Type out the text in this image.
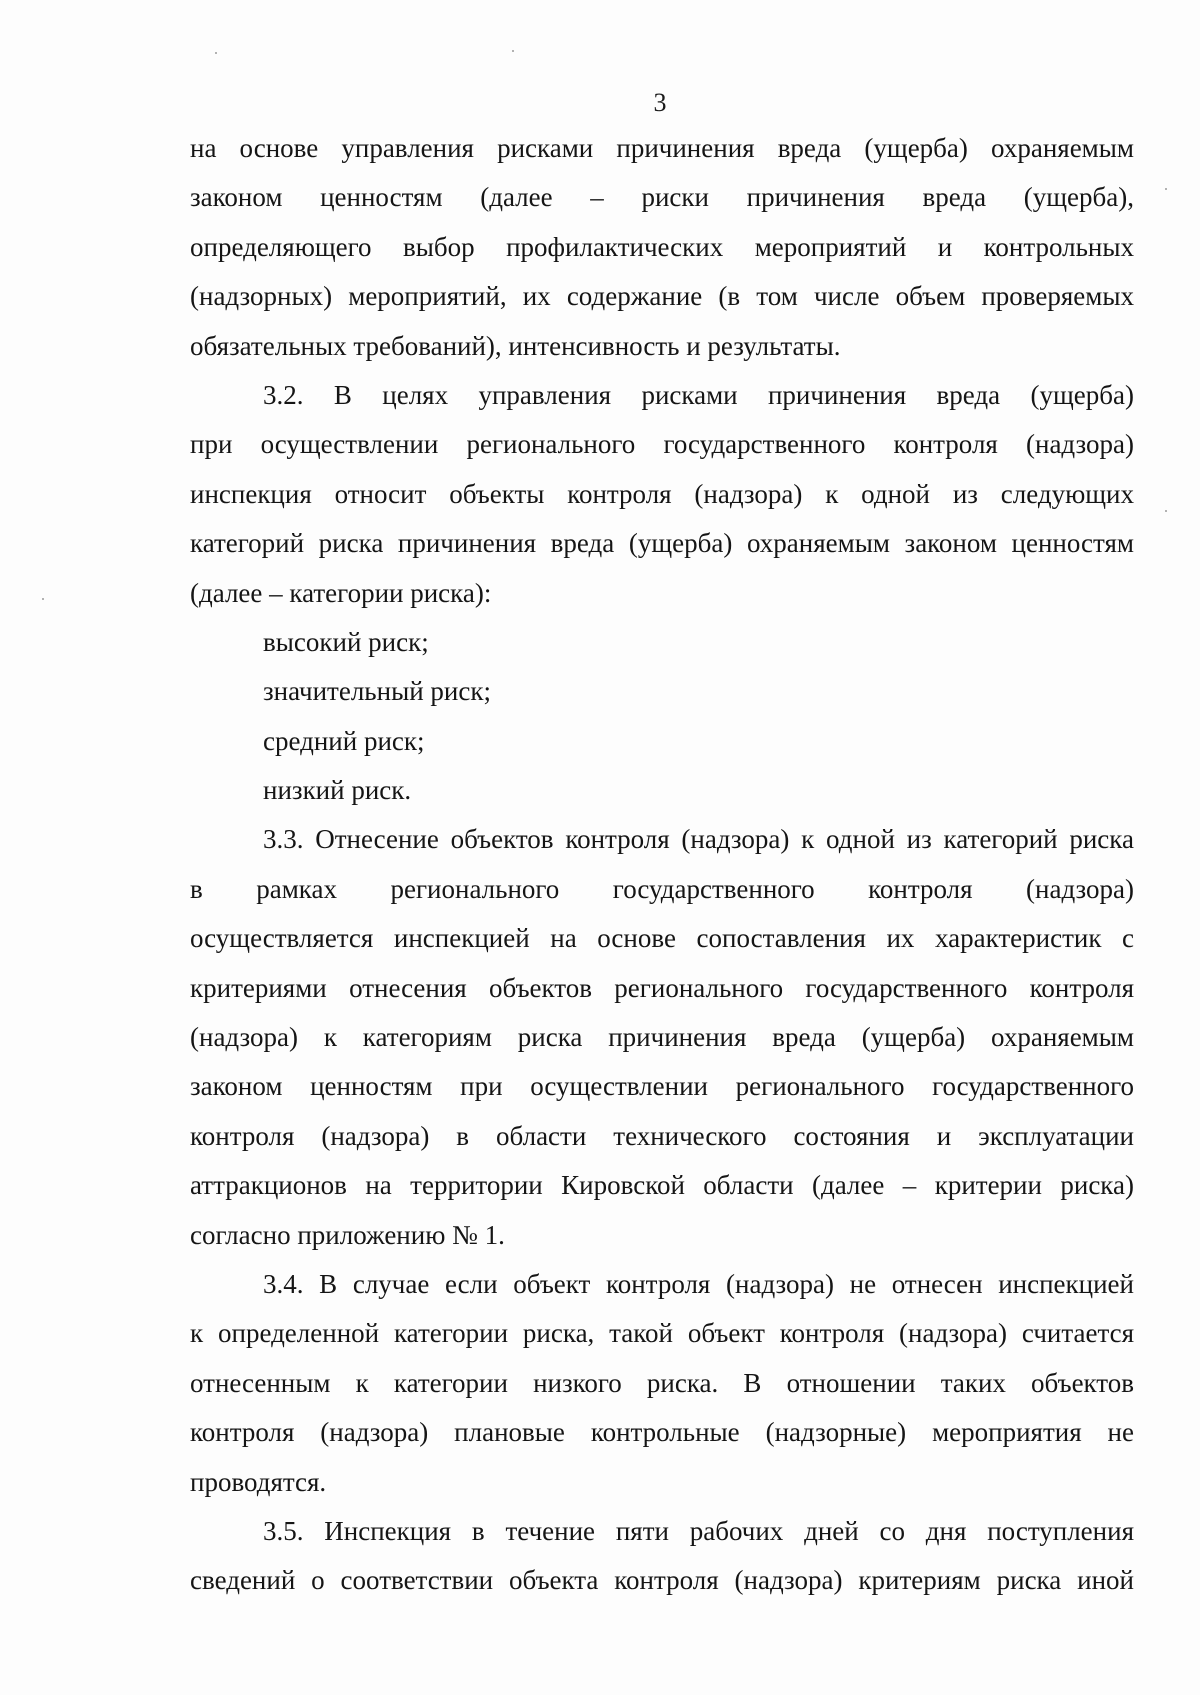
3
на основе управления рисками причинения вреда (ущерба) охраняемым
законом ценностям (далее – риски причинения вреда (ущерба),
определяющего выбор профилактических мероприятий и контрольных
(надзорных) мероприятий, их содержание (в том числе объем проверяемых
обязательных требований), интенсивность и результаты.
3.2. В целях управления рисками причинения вреда (ущерба)
при осуществлении регионального государственного контроля (надзора)
инспекция относит объекты контроля (надзора) к одной из следующих
категорий риска причинения вреда (ущерба) охраняемым законом ценностям
(далее – категории риска):
высокий риск;
значительный риск;
средний риск;
низкий риск.
3.3. Отнесение объектов контроля (надзора) к одной из категорий риска
в рамках регионального государственного контроля (надзора)
осуществляется инспекцией на основе сопоставления их характеристик с
критериями отнесения объектов регионального государственного контроля
(надзора) к категориям риска причинения вреда (ущерба) охраняемым
законом ценностям при осуществлении регионального государственного
контроля (надзора) в области технического состояния и эксплуатации
аттракционов на территории Кировской области (далее – критерии риска)
согласно приложению № 1.
3.4. В случае если объект контроля (надзора) не отнесен инспекцией
к определенной категории риска, такой объект контроля (надзора) считается
отнесенным к категории низкого риска. В отношении таких объектов
контроля (надзора) плановые контрольные (надзорные) мероприятия не
проводятся.
3.5. Инспекция в течение пяти рабочих дней со дня поступления
сведений о соответствии объекта контроля (надзора) критериям риска иной
